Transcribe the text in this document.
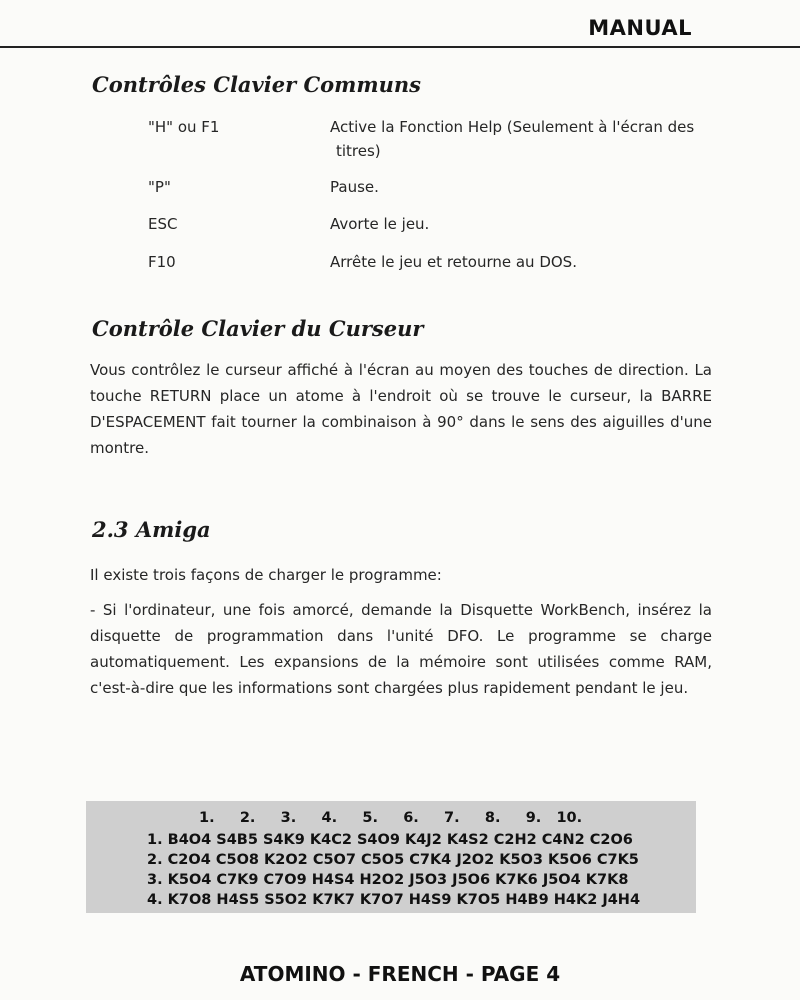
MANUAL
Contrôles Clavier Communs
"H" ou F1	Active la Fonction Help (Seulement à l'écran des
titres)
"P"	Pause.
ESC	Avorte le jeu.
F10	Arrête le jeu et retourne au DOS.
Contrôle Clavier du Curseur

Vous contrôlez le curseur affiché à l'écran au moyen des touches de direction. La touche RETURN place un atome à l'endroit où se trouve le curseur, la BARRE D'ESPACEMENT fait tourner la combinaison à 90° dans le sens des aiguilles d'une montre.

2.3 Amiga

Il existe trois façons de charger le programme:

- Si l'ordinateur, une fois amorcé, demande la Disquette WorkBench, insérez la disquette de programmation dans l'unité DFO. Le programme se charge automatiquement. Les expansions de la mémoire sont utilisées comme RAM, c'est-à-dire que les informations sont chargées plus rapidement pendant le jeu.

1.     2.     3.     4.     5.     6.     7.     8.     9.   10.

1. B4O4 S4B5 S4K9 K4C2 S4O9 K4J2 K4S2 C2H2 C4N2 C2O6

2. C2O4 C5O8 K2O2 C5O7 C5O5 C7K4 J2O2 K5O3 K5O6 C7K5

3. K5O4 C7K9 C7O9 H4S4 H2O2 J5O3 J5O6 K7K6 J5O4 K7K8

4. K7O8 H4S5 S5O2 K7K7 K7O7 H4S9 K7O5 H4B9 H4K2 J4H4

ATOMINO - FRENCH - PAGE 4
